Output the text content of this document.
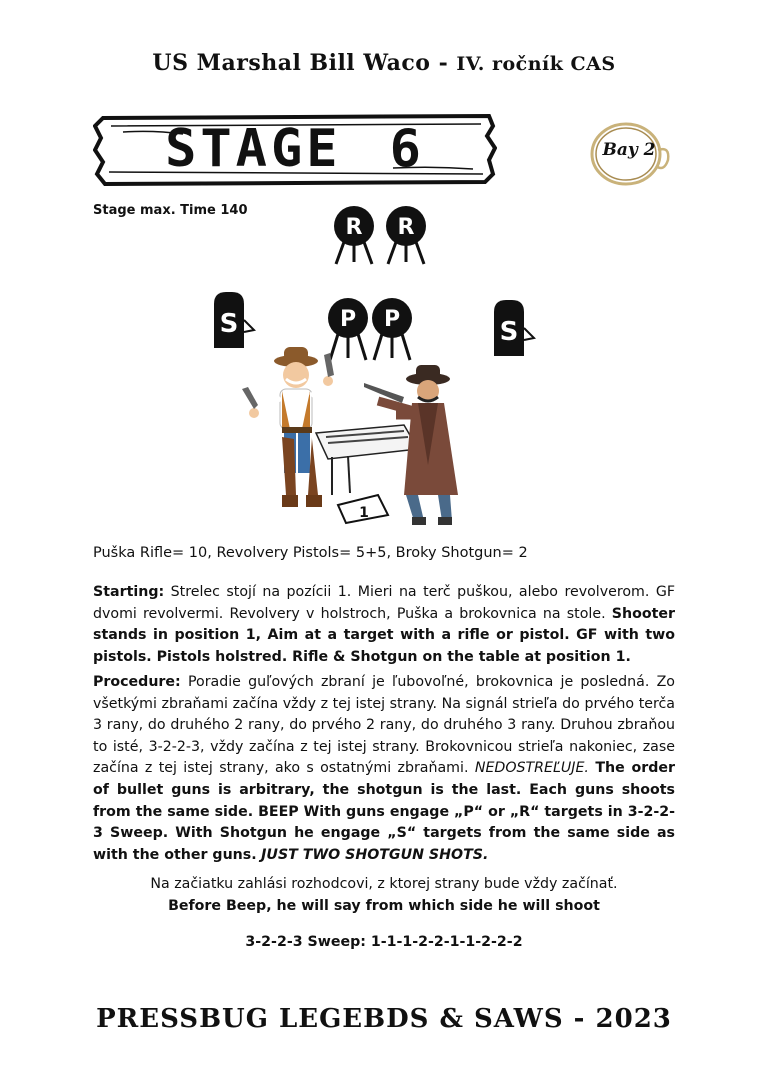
US Marshal Bill Waco - IV. ročník CAS
STAGE 6	Bay 2
Stage max. Time 140
R R
S	S
P P
1
Puška Rifle= 10, Revolvery Pistols= 5+5, Broky Shotgun= 2
Starting: Strelec stojí na pozícii 1. Mieri na terč puškou, alebo revolverom. GF dvomi revolvermi. Revolvery v holstroch, Puška a brokovnica na stole. Shooter stands in position 1, Aim at a target with a rifle or pistol. GF with two pistols. Pistols holstred. Rifle & Shotgun on the table at position 1.
Procedure: Poradie guľových zbraní je ľubovoľné, brokovnica je posledná. Zo všetkými zbraňami začína vždy z tej istej strany. Na signál strieľa do prvého terča 3 rany, do druhého 2 rany, do prvého 2 rany, do druhého 3 rany. Druhou zbraňou to isté, 3-2-2-3, vždy začína z tej istej strany. Brokovnicou strieľa nakoniec, zase začína z tej istej strany, ako s ostatnými zbraňami. NEDOSTREĽUJE. The order of bullet guns is arbitrary, the shotgun is the last. Each guns shoots from the same side. BEEP With guns engage „P“ or „R“ targets in 3-2-2-3 Sweep. With Shotgun he engage „S“ targets from the same side as with the other guns. JUST TWO SHOTGUN SHOTS.
Na začiatku zahlási rozhodcovi, z ktorej strany bude vždy začínať.
Before Beep, he will say from which side he will shoot
3-2-2-3 Sweep: 1-1-1-2-2-1-1-2-2-2
PRESSBUG LEGEBDS & SAWS - 2023
